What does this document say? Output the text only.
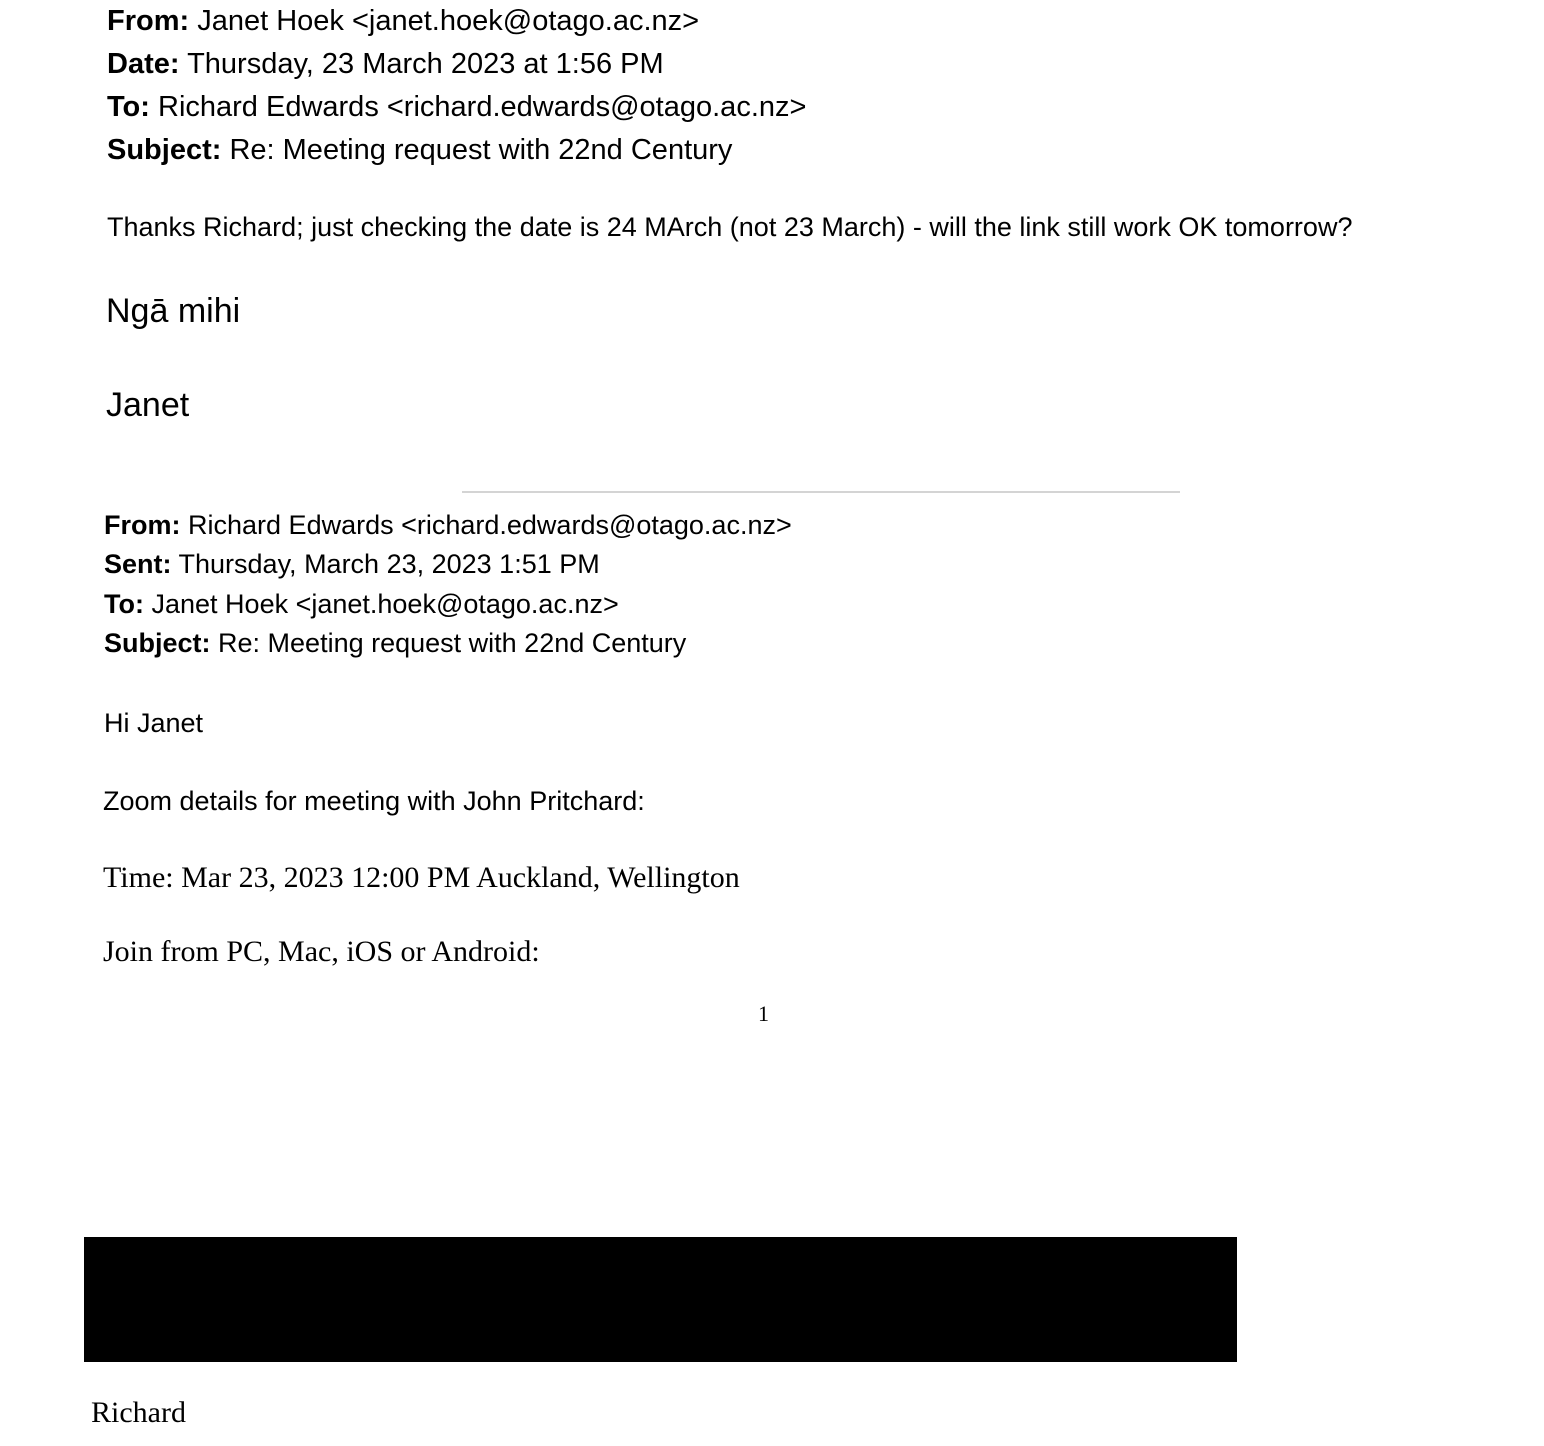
From: Janet Hoek <janet.hoek@otago.ac.nz>
Date: Thursday, 23 March 2023 at 1:56 PM
To: Richard Edwards <richard.edwards@otago.ac.nz>
Subject: Re: Meeting request with 22nd Century
Thanks Richard; just checking the date is 24 MArch (not 23 March) - will the link still work OK tomorrow?
Ngā mihi
Janet
From: Richard Edwards <richard.edwards@otago.ac.nz>
Sent: Thursday, March 23, 2023 1:51 PM
To: Janet Hoek <janet.hoek@otago.ac.nz>
Subject: Re: Meeting request with 22nd Century
Hi Janet
Zoom details for meeting with John Pritchard:
Time: Mar 23, 2023 12:00 PM Auckland, Wellington
Join from PC, Mac, iOS or Android:
1
Richard
